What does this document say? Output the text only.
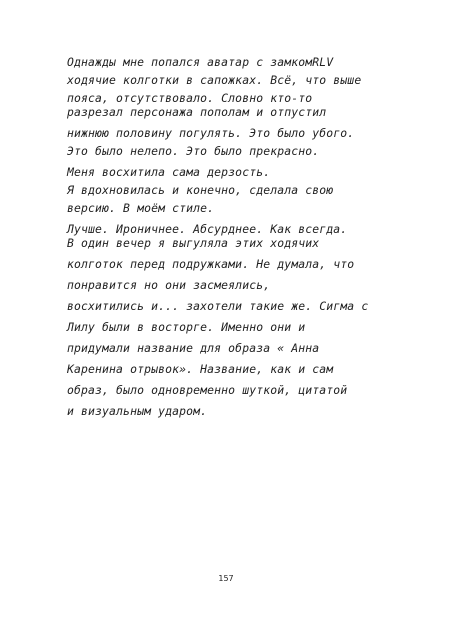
Однажды мне попался аватар с замкомRLV
ходячие колготки в сапожках. Всё, что выше
пояса, отсутствовало. Словно кто-то
разрезал персонажа пополам и отпустил
нижнюю половину погулять. Это было убого.
Это было нелепо. Это было прекрасно.
Меня восхитила сама дерзость.
Я вдохновилась и конечно, сделала свою
версию. В моём стиле.
Лучше. Ироничнее. Абсурднее. Как всегда.
В один вечер я выгуляла этих ходячих
колготок перед подружками. Не думала, что
понравится но они засмеялись,
восхитились и... захотели такие же. Сигма с
Лилу были в восторге. Именно они и
придумали название для образа « Анна
Каренина отрывок». Название, как и сам
образ, было одновременно шуткой, цитатой
и визуальным ударом.
157
